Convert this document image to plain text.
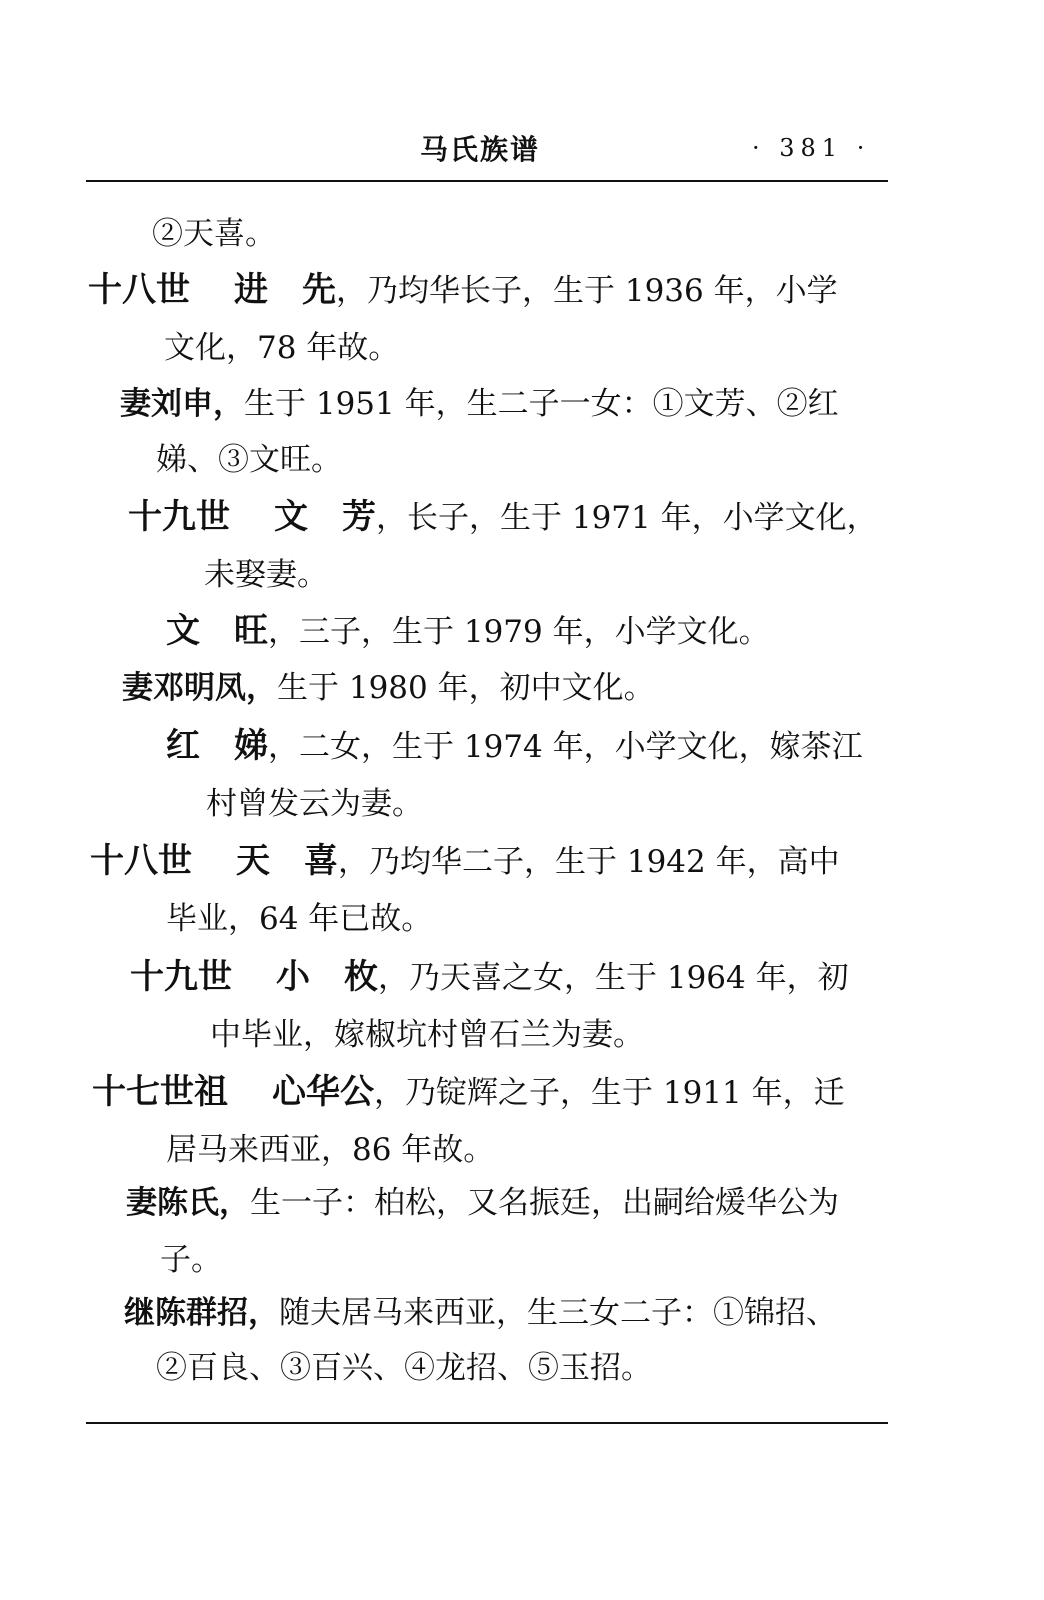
马氏族谱	· 381 ·
②天喜。
十八世 进　先，乃均华长子，生于 1936 年，小学
文化，78 年故。
妻刘申，生于 1951 年，生二子一女：①文芳、②红
娣、③文旺。
十九世 文　芳，长子，生于 1971 年，小学文化，
未娶妻。
文　旺，三子，生于 1979 年，小学文化。
妻邓明凤，生于 1980 年，初中文化。
红　娣，二女，生于 1974 年，小学文化，嫁茶江
村曾发云为妻。
十八世 天　喜，乃均华二子，生于 1942 年，高中
毕业，64 年已故。
十九世 小　枚，乃天喜之女，生于 1964 年，初
中毕业，嫁椒坑村曾石兰为妻。
十七世祖 心华公，乃锭辉之子，生于 1911 年，迁
居马来西亚，86 年故。
妻陈氏，生一子：柏松，又名振廷，出嗣给煖华公为
子。
继陈群招，随夫居马来西亚，生三女二子：①锦招、
②百良、③百兴、④龙招、⑤玉招。
